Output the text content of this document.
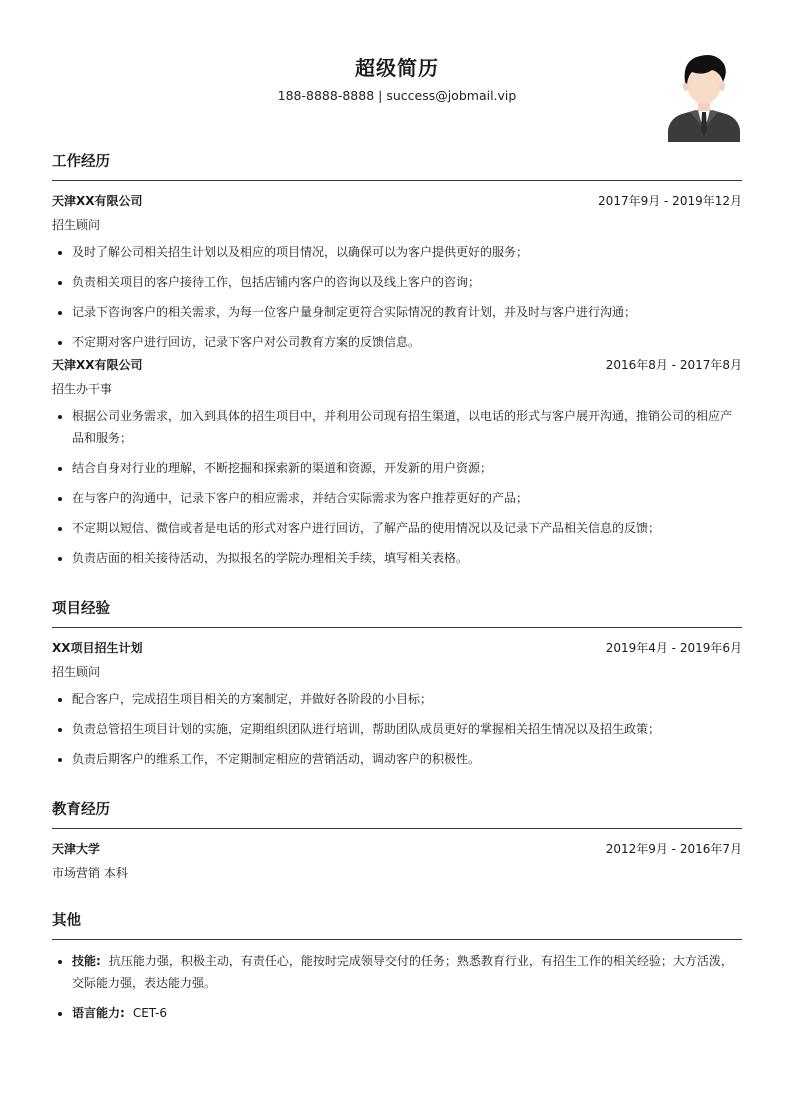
超级简历
188-8888-8888 | success@jobmail.vip
工作经历
天津XX有限公司	2017年9月 - 2019年12月
招生顾问
• 及时了解公司相关招生计划以及相应的项目情况，以确保可以为客户提供更好的服务；
• 负责相关项目的客户接待工作，包括店铺内客户的咨询以及线上客户的咨询；
• 记录下咨询客户的相关需求，为每一位客户量身制定更符合实际情况的教育计划，并及时与客户进行沟通；
• 不定期对客户进行回访，记录下客户对公司教育方案的反馈信息。
天津XX有限公司	2016年8月 - 2017年8月
招生办干事
• 根据公司业务需求，加入到具体的招生项目中，并利用公司现有招生渠道，以电话的形式与客户展开沟通，推销公司的相应产品和服务；
• 结合自身对行业的理解，不断挖掘和探索新的渠道和资源，开发新的用户资源；
• 在与客户的沟通中，记录下客户的相应需求，并结合实际需求为客户推荐更好的产品；
• 不定期以短信、微信或者是电话的形式对客户进行回访，了解产品的使用情况以及记录下产品相关信息的反馈；
• 负责店面的相关接待活动，为拟报名的学院办理相关手续，填写相关表格。
项目经验
XX项目招生计划	2019年4月 - 2019年6月
招生顾问
• 配合客户，完成招生项目相关的方案制定，并做好各阶段的小目标；
• 负责总管招生项目计划的实施，定期组织团队进行培训，帮助团队成员更好的掌握相关招生情况以及招生政策；
• 负责后期客户的维系工作，不定期制定相应的营销活动，调动客户的积极性。
教育经历
天津大学	2012年9月 - 2016年7月
市场营销 本科
其他
• 技能: 抗压能力强，积极主动，有责任心，能按时完成领导交付的任务；熟悉教育行业，有招生工作的相关经验；大方活泼，交际能力强，表达能力强。
• 语言能力: CET-6
